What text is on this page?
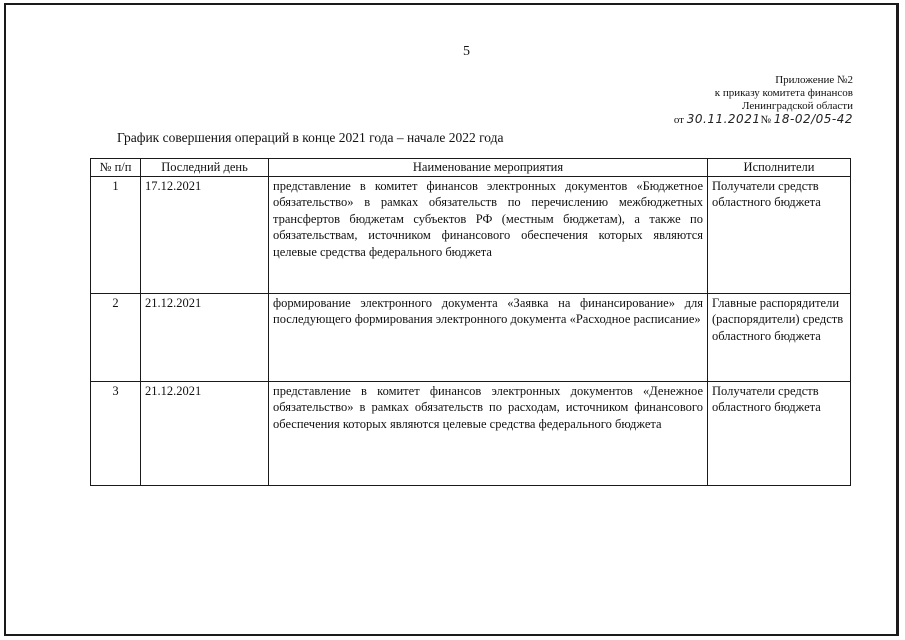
5
Приложение №2
к приказу комитета финансов
Ленинградской области
от 30.11.2021№ 18-02/05-42
График совершения операций в конце 2021 года – начале 2022 года
№ п/п	Последний день	Наименование мероприятия	Исполнители
1	17.12.2021	представление в комитет финансов электронных документов «Бюджетное обязательство» в рамках обязательств по перечислению межбюджетных трансфертов бюджетам субъектов РФ (местным бюджетам), а также по обязательствам, источником финансового обеспечения которых являются целевые средства федерального бюджета	Получатели средств областного бюджета
2	21.12.2021	формирование электронного документа «Заявка на финансирование» для последующего формирования электронного документа «Расходное расписание»	Главные распорядители (распорядители) средств областного бюджета
3	21.12.2021	представление в комитет финансов электронных документов «Денежное обязательство» в рамках обязательств по расходам, источником финансового обеспечения которых являются целевые средства федерального бюджета	Получатели средств областного бюджета
